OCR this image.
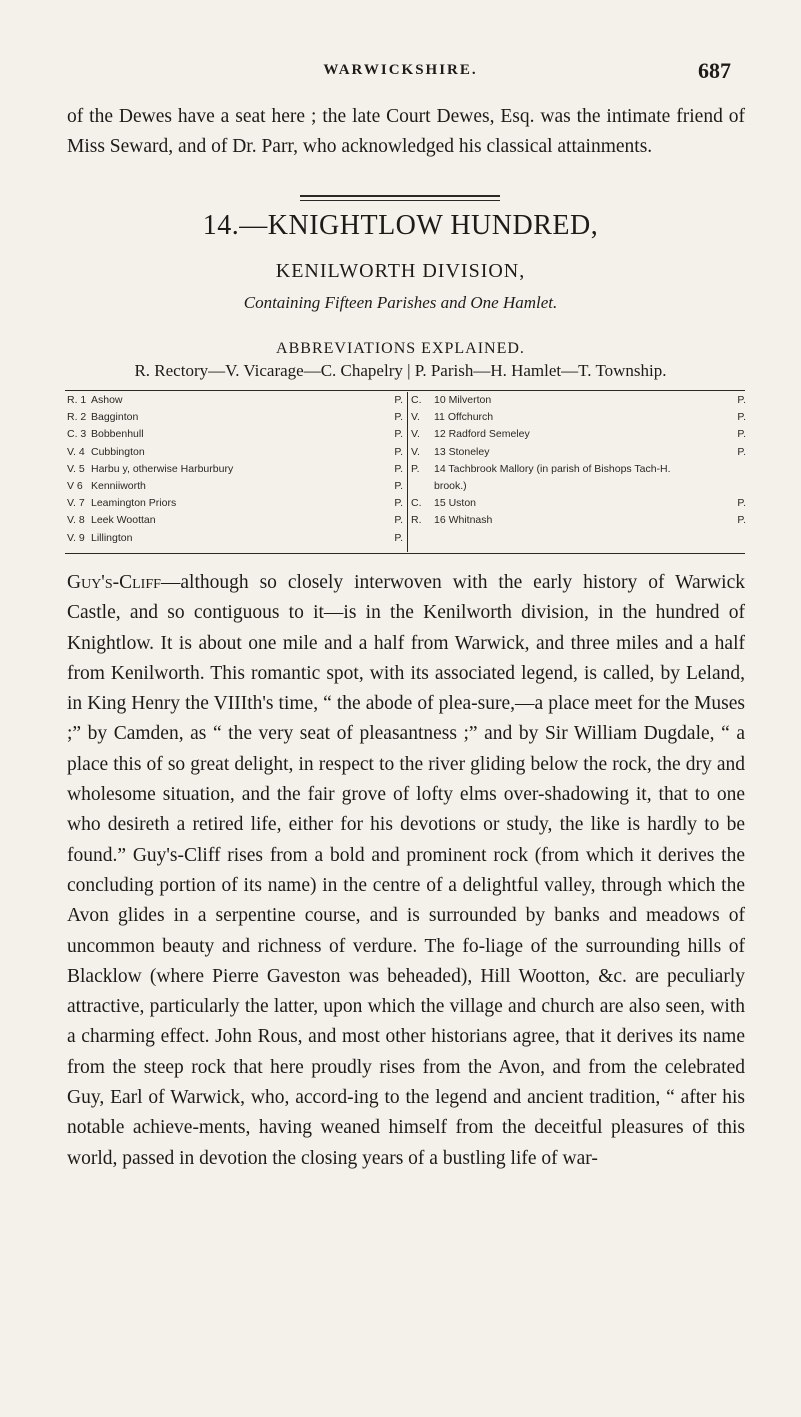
WARWICKSHIRE.	687

of the Dewes have a seat here ; the late Court Dewes, Esq. was the intimate friend of Miss Seward, and of Dr. Parr, who acknowledged his classical attainments.

14.—KNIGHTLOW HUNDRED,
KENILWORTH DIVISION,
Containing Fifteen Parishes and One Hamlet.
ABBREVIATIONS EXPLAINED.
R. Rectory—V. Vicarage—C. Chapelry | P. Parish—H. Hamlet—T. Township.
R. 1 Ashow	P.
R. 2 Bagginton	P.
C. 3 Bobbenhull	P.
V. 4 Cubbington	P.
V. 5 Harbu y, otherwise Harburbury	P.
V 6 Kenniiworth	P.
V. 7 Leamington Priors	P.
V. 8 Leek Woottan	P.
V. 9 Lillington	P.
C.	10 Milverton	P.
V.	11 Offchurch	P.
V.	12 Radford Semeley	P.
V.	13 Stoneley	P.
P.	14 Tachbrook Mallory (in parish of Bishops Tach-H.
brook.)
C.	15 Uston	P.
R.	16 Whitnash	P.

Guy's-Cliff—although so closely interwoven with the early history of Warwick Castle, and so contiguous to it—is in the Kenilworth division, in the hundred of Knightlow. It is about one mile and a half from Warwick, and three miles and a half from Kenilworth. This romantic spot, with its associated legend, is called, by Leland, in King Henry the VIIIth's time, “ the abode of plea-sure,—a place meet for the Muses ;” by Camden, as “ the very seat of pleasantness ;” and by Sir William Dugdale, “ a place this of so great delight, in respect to the river gliding below the rock, the dry and wholesome situation, and the fair grove of lofty elms over-shadowing it, that to one who desireth a retired life, either for his devotions or study, the like is hardly to be found.” Guy's-Cliff rises from a bold and prominent rock (from which it derives the concluding portion of its name) in the centre of a delightful valley, through which the Avon glides in a serpentine course, and is surrounded by banks and meadows of uncommon beauty and richness of verdure. The fo-liage of the surrounding hills of Blacklow (where Pierre Gaveston was beheaded), Hill Wootton, &c. are peculiarly attractive, particularly the latter, upon which the village and church are also seen, with a charming effect. John Rous, and most other historians agree, that it derives its name from the steep rock that here proudly rises from the Avon, and from the celebrated Guy, Earl of Warwick, who, accord-ing to the legend and ancient tradition, “ after his notable achieve-ments, having weaned himself from the deceitful pleasures of this world, passed in devotion the closing years of a bustling life of war-
